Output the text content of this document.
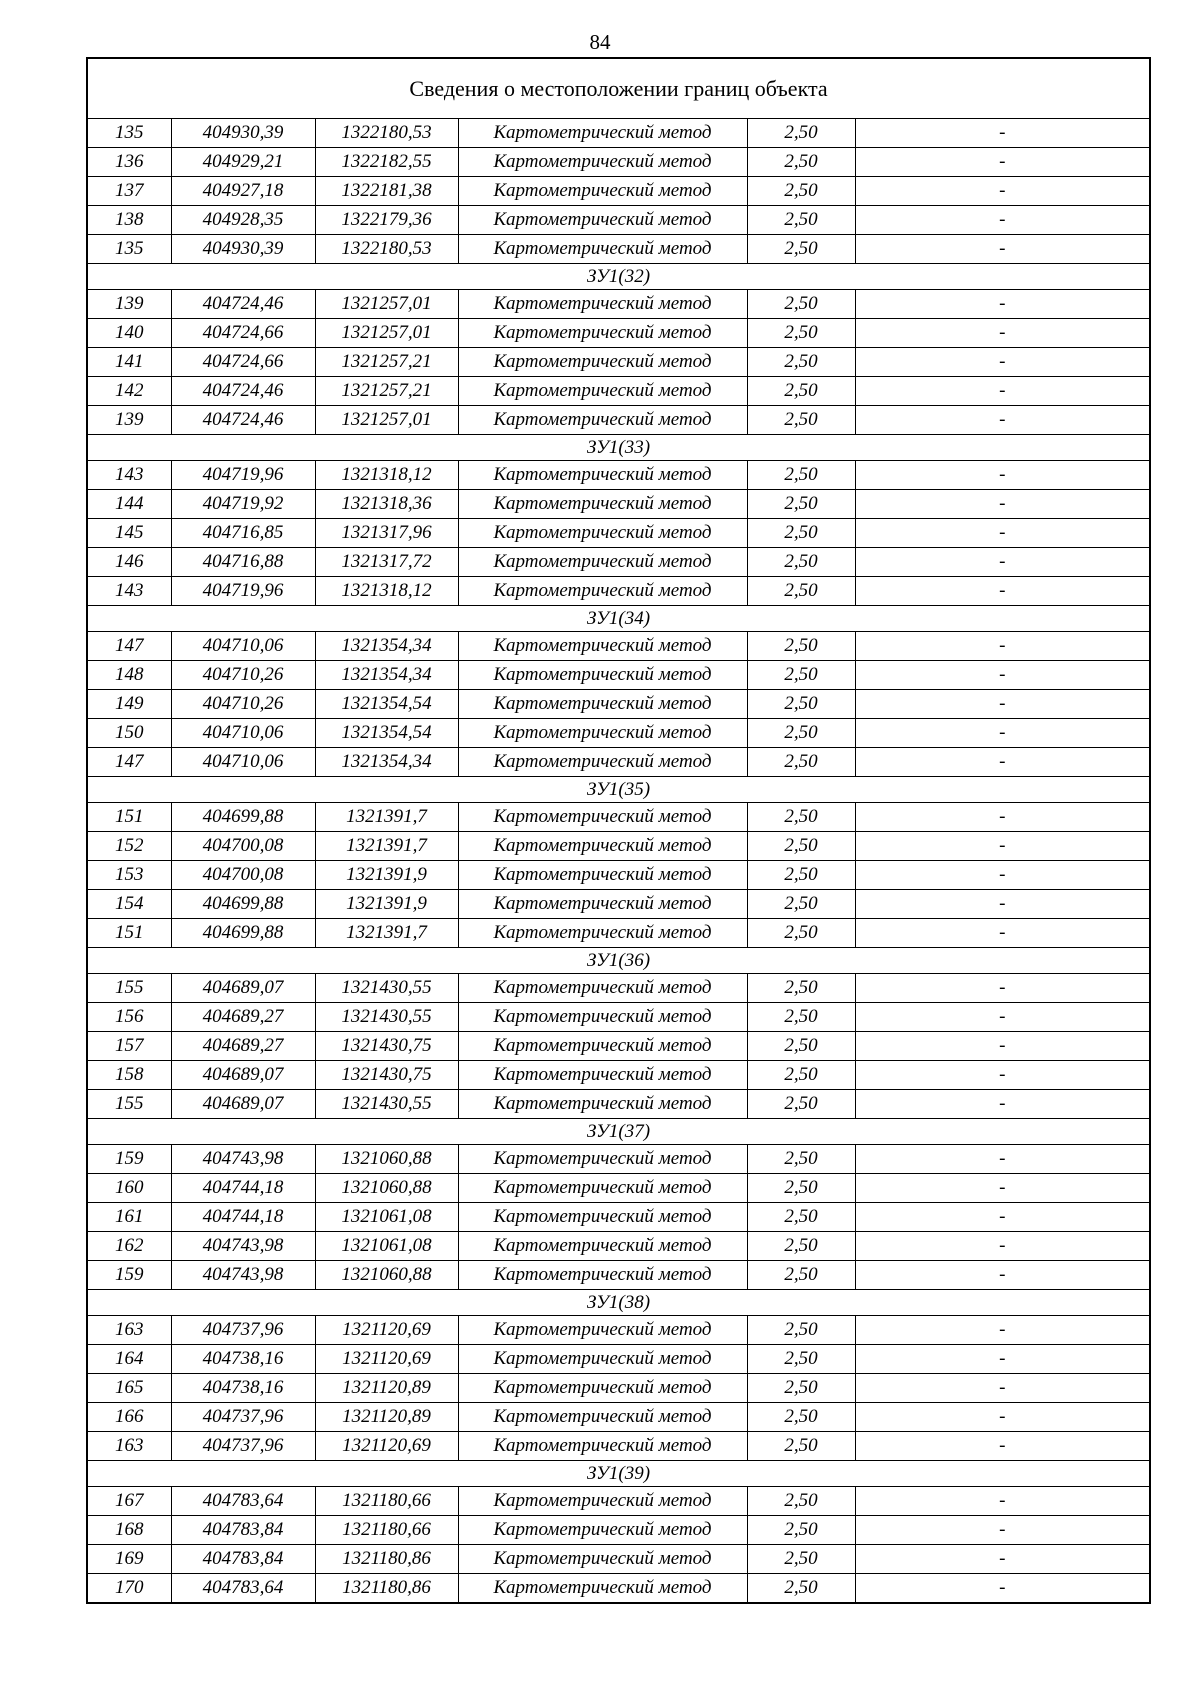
84
Сведения о местоположении границ объекта					
135	404930,39	1322180,53	Картометрический метод	2,50	-
136	404929,21	1322182,55	Картометрический метод	2,50	-
137	404927,18	1322181,38	Картометрический метод	2,50	-
138	404928,35	1322179,36	Картометрический метод	2,50	-
135	404930,39	1322180,53	Картометрический метод	2,50	-
ЗУ1(32)					
139	404724,46	1321257,01	Картометрический метод	2,50	-
140	404724,66	1321257,01	Картометрический метод	2,50	-
141	404724,66	1321257,21	Картометрический метод	2,50	-
142	404724,46	1321257,21	Картометрический метод	2,50	-
139	404724,46	1321257,01	Картометрический метод	2,50	-
ЗУ1(33)					
143	404719,96	1321318,12	Картометрический метод	2,50	-
144	404719,92	1321318,36	Картометрический метод	2,50	-
145	404716,85	1321317,96	Картометрический метод	2,50	-
146	404716,88	1321317,72	Картометрический метод	2,50	-
143	404719,96	1321318,12	Картометрический метод	2,50	-
ЗУ1(34)					
147	404710,06	1321354,34	Картометрический метод	2,50	-
148	404710,26	1321354,34	Картометрический метод	2,50	-
149	404710,26	1321354,54	Картометрический метод	2,50	-
150	404710,06	1321354,54	Картометрический метод	2,50	-
147	404710,06	1321354,34	Картометрический метод	2,50	-
ЗУ1(35)					
151	404699,88	1321391,7	Картометрический метод	2,50	-
152	404700,08	1321391,7	Картометрический метод	2,50	-
153	404700,08	1321391,9	Картометрический метод	2,50	-
154	404699,88	1321391,9	Картометрический метод	2,50	-
151	404699,88	1321391,7	Картометрический метод	2,50	-
ЗУ1(36)					
155	404689,07	1321430,55	Картометрический метод	2,50	-
156	404689,27	1321430,55	Картометрический метод	2,50	-
157	404689,27	1321430,75	Картометрический метод	2,50	-
158	404689,07	1321430,75	Картометрический метод	2,50	-
155	404689,07	1321430,55	Картометрический метод	2,50	-
ЗУ1(37)					
159	404743,98	1321060,88	Картометрический метод	2,50	-
160	404744,18	1321060,88	Картометрический метод	2,50	-
161	404744,18	1321061,08	Картометрический метод	2,50	-
162	404743,98	1321061,08	Картометрический метод	2,50	-
159	404743,98	1321060,88	Картометрический метод	2,50	-
ЗУ1(38)					
163	404737,96	1321120,69	Картометрический метод	2,50	-
164	404738,16	1321120,69	Картометрический метод	2,50	-
165	404738,16	1321120,89	Картометрический метод	2,50	-
166	404737,96	1321120,89	Картометрический метод	2,50	-
163	404737,96	1321120,69	Картометрический метод	2,50	-
ЗУ1(39)					
167	404783,64	1321180,66	Картометрический метод	2,50	-
168	404783,84	1321180,66	Картометрический метод	2,50	-
169	404783,84	1321180,86	Картометрический метод	2,50	-
170	404783,64	1321180,86	Картометрический метод	2,50	-
